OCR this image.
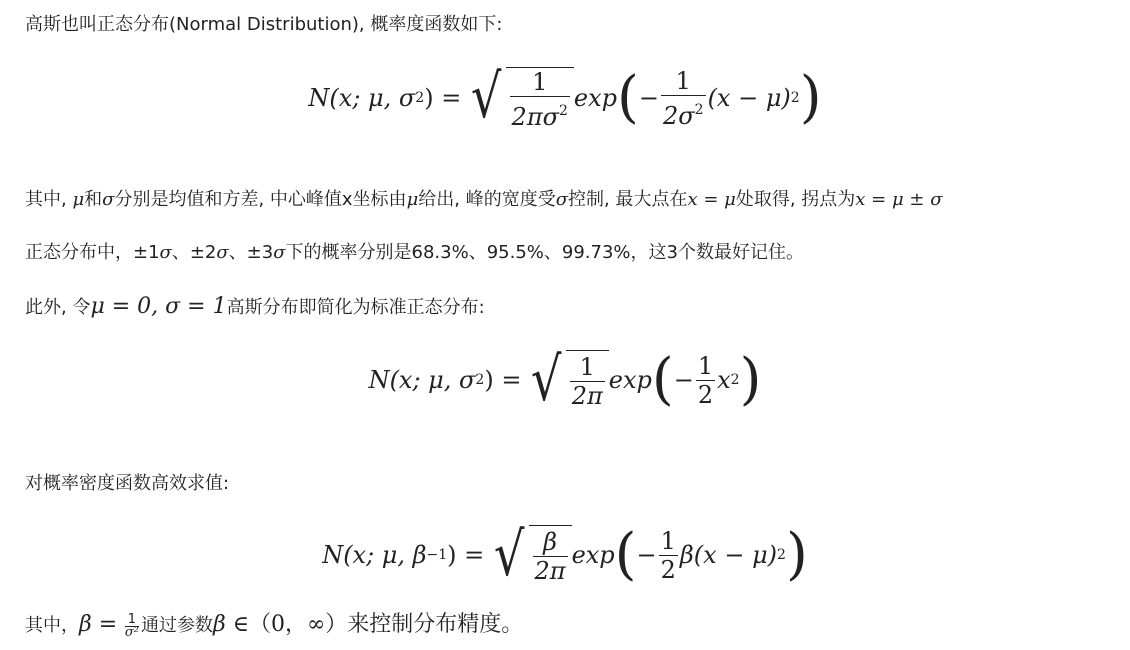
高斯也叫正态分布(Normal Distribution), 概率度函数如下:
N(x; μ, σ 2 ) = √ $\frac{1}{2\pi\sigma^2}$ exp ( − $\frac{1}{2\sigma^2} (x - \mu)$ 2 )
其中, μ和σ分别是均值和方差, 中心峰值x坐标由μ给出, 峰的宽度受σ控制, 最大点在x = μ处取得, 拐点为x = μ ± σ
正态分布中，±1σ、±2σ、±3σ下的概率分别是68.3%、95.5%、99.73%，这3个数最好记住。
此外, 令μ = 0, σ = 1高斯分布即简化为标准正态分布:
N(x; μ, σ 2 ) = √ $\frac{1}{2\pi}$ exp ( − $\frac{1}{2}$ x 2 )
对概率密度函数高效求值:
N(x; μ, β −1 ) = √ $\frac{\beta}{2\pi}$ exp ( − $\frac{1}{2} \beta(x - \mu)$ 2 )
其中，$\beta = \frac{1}{\text{σ²}}$ 通过参数β ∈（0，∞）来控制分布精度。
